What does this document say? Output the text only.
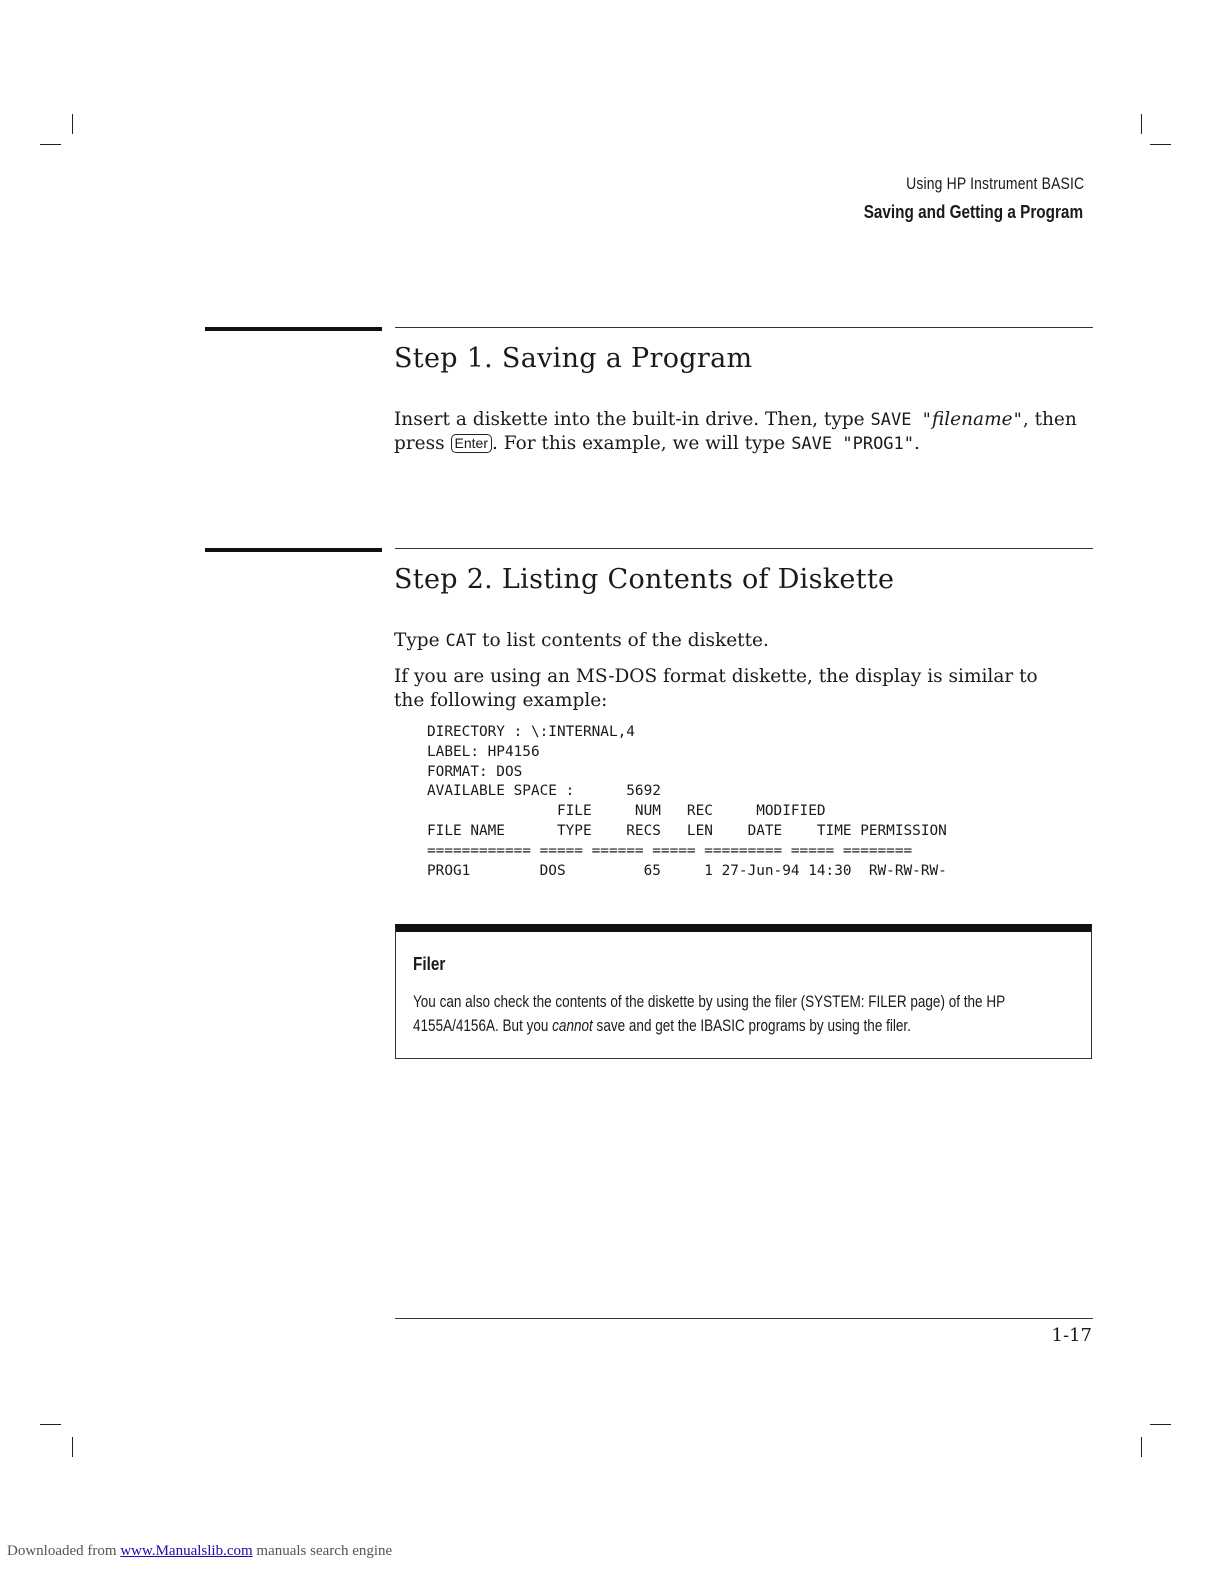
Using HP Instrument BASIC
Saving and Getting a Program
Step 1. Saving a Program

Insert a diskette into the built-in drive. Then, type SAVE "filename", then
press Enter . For this example, we will type SAVE "PROG1".

Step 2. Listing Contents of Diskette

Type CAT to list contents of the diskette.

If you are using an MS-DOS format diskette, the display is similar to the following example:

DIRECTORY : \:INTERNAL,4
LABEL: HP4156
FORMAT: DOS
AVAILABLE SPACE :      5692
FILE     NUM   REC     MODIFIED
FILE NAME      TYPE    RECS   LEN    DATE    TIME PERMISSION
============ ===== ====== ===== ========= ===== ========
PROG1        DOS         65     1 27-Jun-94 14:30  RW-RW-RW-
Filer
You can also check the contents of the diskette by using the filer (SYSTEM: FILER page) of the HP 4155A/4156A. But you cannot save and get the IBASIC programs by using the filer.
1-17
Downloaded from www.Manualslib.com manuals search engine
